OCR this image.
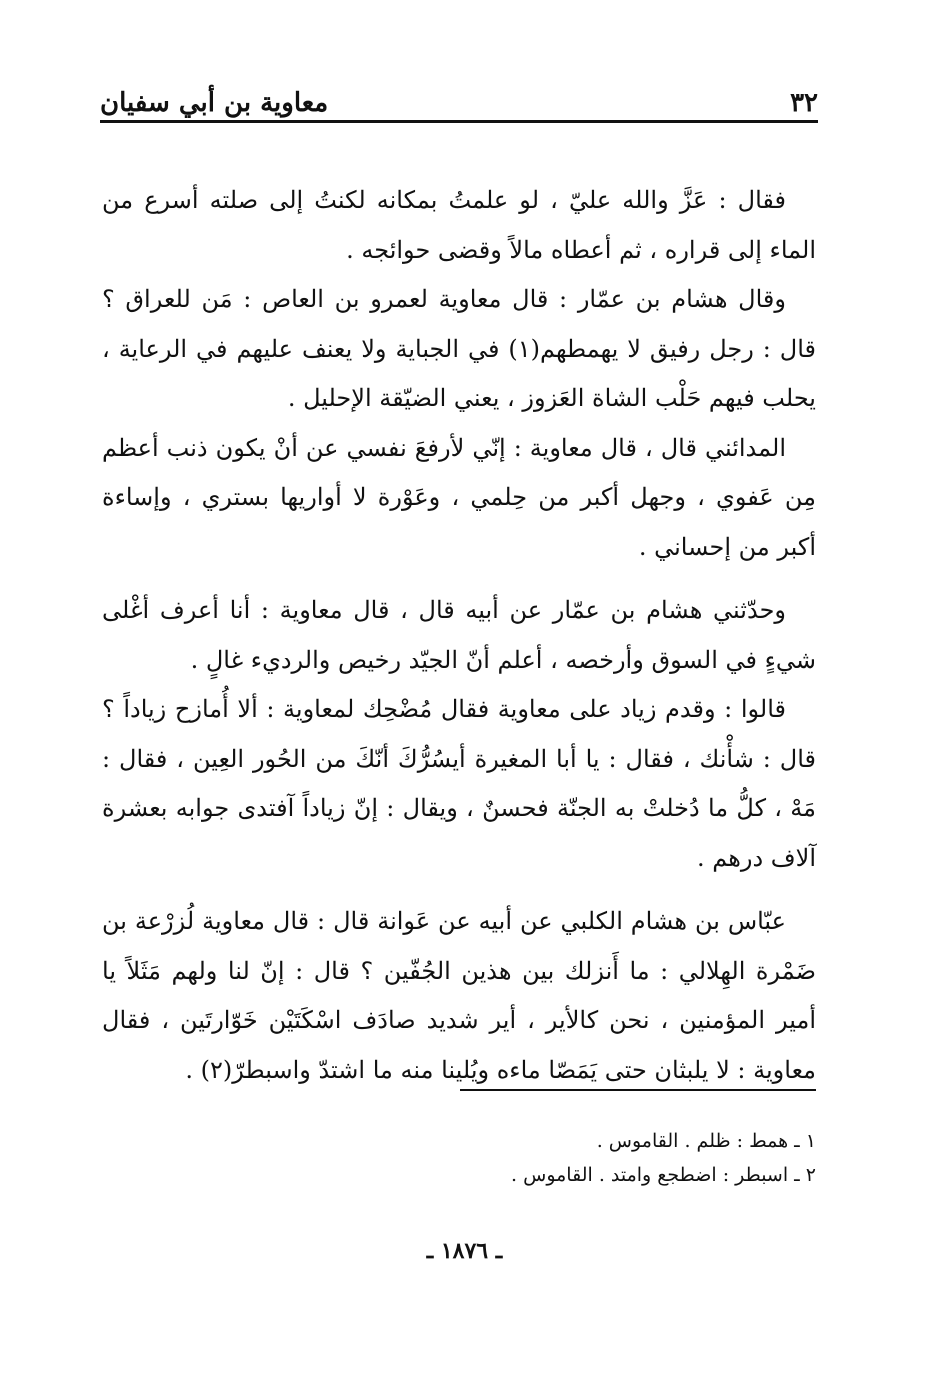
٣٢
معاوية بن أبي سفيان

فقال : عَزَّ والله عليّ ، لو علمتُ بمكانه لكنتُ إلى صلته أسرع من الماء إلى قراره ، ثم أعطاه مالاً وقضى حوائجه .

وقال هشام بن عمّار : قال معاوية لعمرو بن العاص : مَن للعراق ؟ قال : رجل رفيق لا يهمطهم(١) في الجباية ولا يعنف عليهم في الرعاية ، يحلب فيهم حَلْب الشاة العَزوز ، يعني الضيّقة الإحليل .

المدائني قال ، قال معاوية : إنّي لأرفعَ نفسي عن أنْ يكون ذنب أعظم مِن عَفوي ، وجهل أكبر من حِلمي ، وعَوْرة لا أواريها بستري ، وإساءة أكبر من إحساني .

وحدّثني هشام بن عمّار عن أبيه قال ، قال معاوية : أنا أعرف أغْلى شيءٍ في السوق وأرخصه ، أعلم أنّ الجيّد رخيص والرديء غالٍ .

قالوا : وقدم زياد على معاوية فقال مُضْحِك لمعاوية : ألا أُمازح زياداً ؟ قال : شأْنك ، فقال : يا أبا المغيرة أيسُرُّكَ أنّكَ من الحُور العِين ، فقال : مَهْ ، كلُّ ما دُخلتْ به الجنّة فحسنٌ ، ويقال : إنّ زياداً آفتدى جوابه بعشرة آلاف درهم .

عبّاس بن هشام الكلبي عن أبيه عن عَوانة قال : قال معاوية لُزرْعة بن ضَمْرة الهِلالي : ما أَنزلك بين هذين الجُفّين ؟ قال : إنّ لنا ولهم مَثَلاً يا أمير المؤمنين ، نحن كالأير ، أير شديد صادَف اسْكَتَيْن خَوّارتَين ، فقال معاوية : لا يلبثان حتى يَمَصّا ماءه ويُلينا منه ما اشتدّ واسبطرّ(٢) .

١ ـ همط : ظلم . القاموس .

٢ ـ اسبطر : اضطجع وامتد . القاموس .

ـ ١٨٧٦ ـ
